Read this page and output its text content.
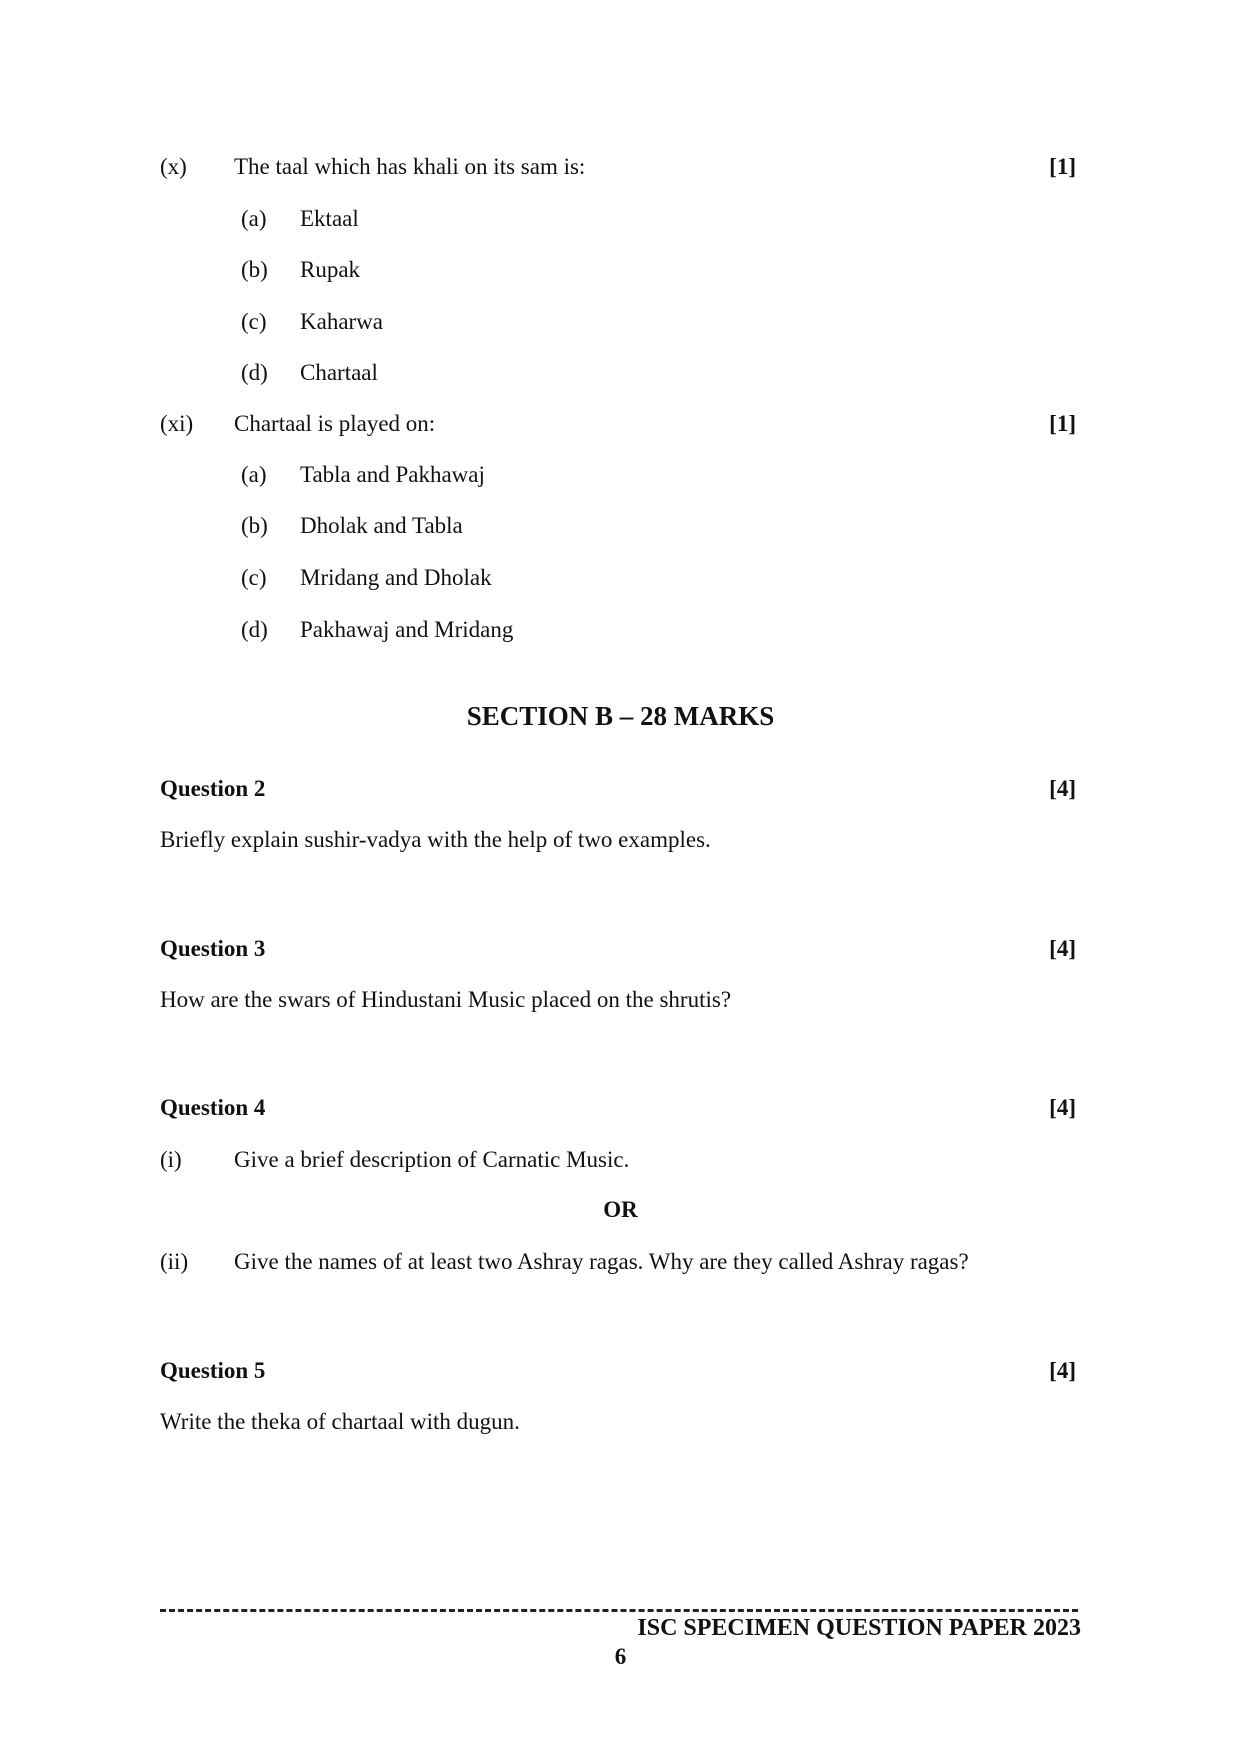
(x) The taal which has khali on its sam is:	[1]
(a) Ektaal
(b) Rupak
(c) Kaharwa
(d) Chartaal
(xi) Chartaal is played on:	[1]
(a) Tabla and Pakhawaj
(b) Dholak and Tabla
(c) Mridang and Dholak
(d) Pakhawaj and Mridang
SECTION B – 28 MARKS
Question 2	[4]
Briefly explain sushir-vadya with the help of two examples.
Question 3	[4]
How are the swars of Hindustani Music placed on the shrutis?
Question 4	[4]
(i) Give a brief description of Carnatic Music.
OR
(ii) Give the names of at least two Ashray ragas. Why are they called Ashray ragas?
Question 5	[4]
Write the theka of chartaal with dugun.
ISC SPECIMEN QUESTION PAPER 2023
6
